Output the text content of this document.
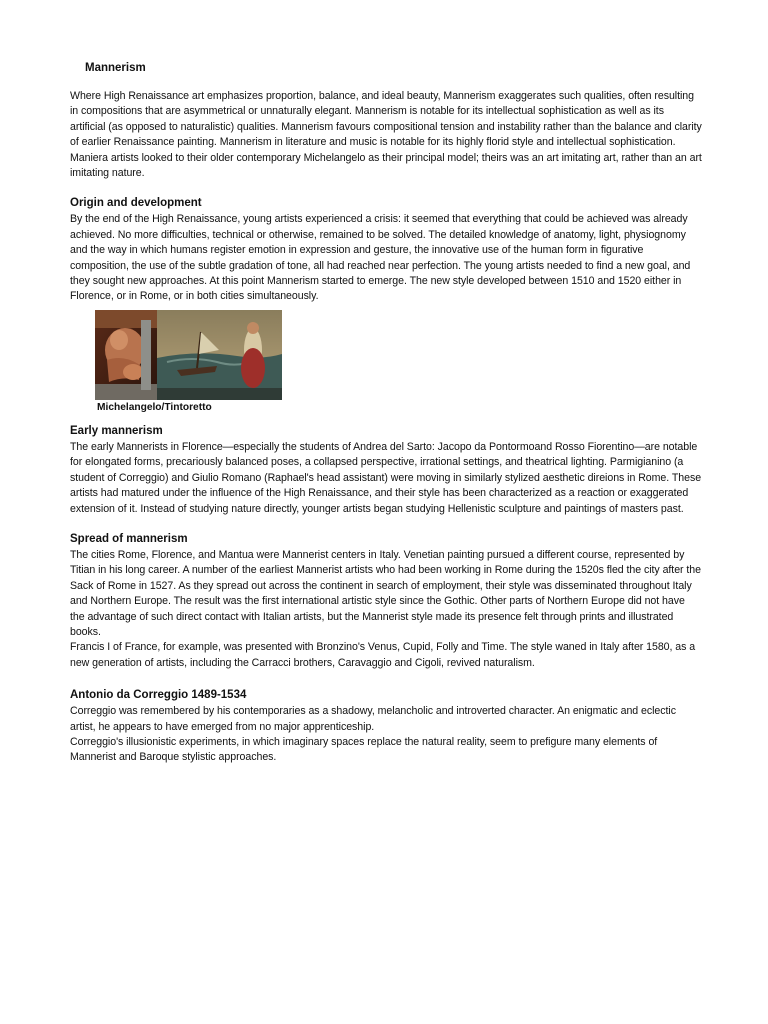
Mannerism

Where High Renaissance art emphasizes proportion, balance, and ideal beauty, Mannerism exaggerates such qualities, often resulting in compositions that are asymmetrical or unnaturally elegant. Mannerism is notable for its intellectual sophistication as well as its artificial (as opposed to naturalistic) qualities. Mannerism favours compositional tension and instability rather than the balance and clarity of earlier Renaissance painting. Mannerism in literature and music is notable for its highly florid style and intellectual sophistication.

Maniera artists looked to their older contemporary Michelangelo as their principal model; theirs was an art imitating art, rather than an art imitating nature.

Origin and development

By the end of the High Renaissance, young artists experienced a crisis: it seemed that everything that could be achieved was already achieved. No more difficulties, technical or otherwise, remained to be solved. The detailed knowledge of anatomy, light, physiognomy and the way in which humans register emotion in expression and gesture, the innovative use of the human form in figurative composition, the use of the subtle gradation of tone, all had reached near perfection. The young artists needed to find a new goal, and they sought new approaches. At this point Mannerism started to emerge. The new style developed between 1510 and 1520 either in Florence, or in Rome, or in both cities simultaneously.

Michelangelo/Tintoretto
Early mannerism

The early Mannerists in Florence—especially the students of Andrea del Sarto: Jacopo da Pontormoand Rosso Fiorentino—are notable for elongated forms, precariously balanced poses, a collapsed perspective, irrational settings, and theatrical lighting. Parmigianino (a student of Correggio) and Giulio Romano (Raphael's head assistant) were moving in similarly stylized aesthetic direions in Rome. These artists had matured under the influence of the High Renaissance, and their style has been characterized as a reaction or exaggerated extension of it. Instead of studying nature directly, younger artists began studying Hellenistic sculpture and paintings of masters past.

Spread of mannerism

The cities Rome, Florence, and Mantua were Mannerist centers in Italy. Venetian painting pursued a different course, represented by Titian in his long career. A number of the earliest Mannerist artists who had been working in Rome during the 1520s fled the city after the Sack of Rome in 1527. As they spread out across the continent in search of employment, their style was disseminated throughout Italy and Northern Europe. The result was the first international artistic style since the Gothic. Other parts of Northern Europe did not have the advantage of such direct contact with Italian artists, but the Mannerist style made its presence felt through prints and illustrated books.

Francis I of France, for example, was presented with Bronzino's Venus, Cupid, Folly and Time. The style waned in Italy after 1580, as a new generation of artists, including the Carracci brothers, Caravaggio and Cigoli, revived naturalism.

Antonio da Correggio 1489-1534

Correggio was remembered by his contemporaries as a shadowy, melancholic and introverted character. An enigmatic and eclectic artist, he appears to have emerged from no major apprenticeship.

Correggio's illusionistic experiments, in which imaginary spaces replace the natural reality, seem to prefigure many elements of Mannerist and Baroque stylistic approaches.
